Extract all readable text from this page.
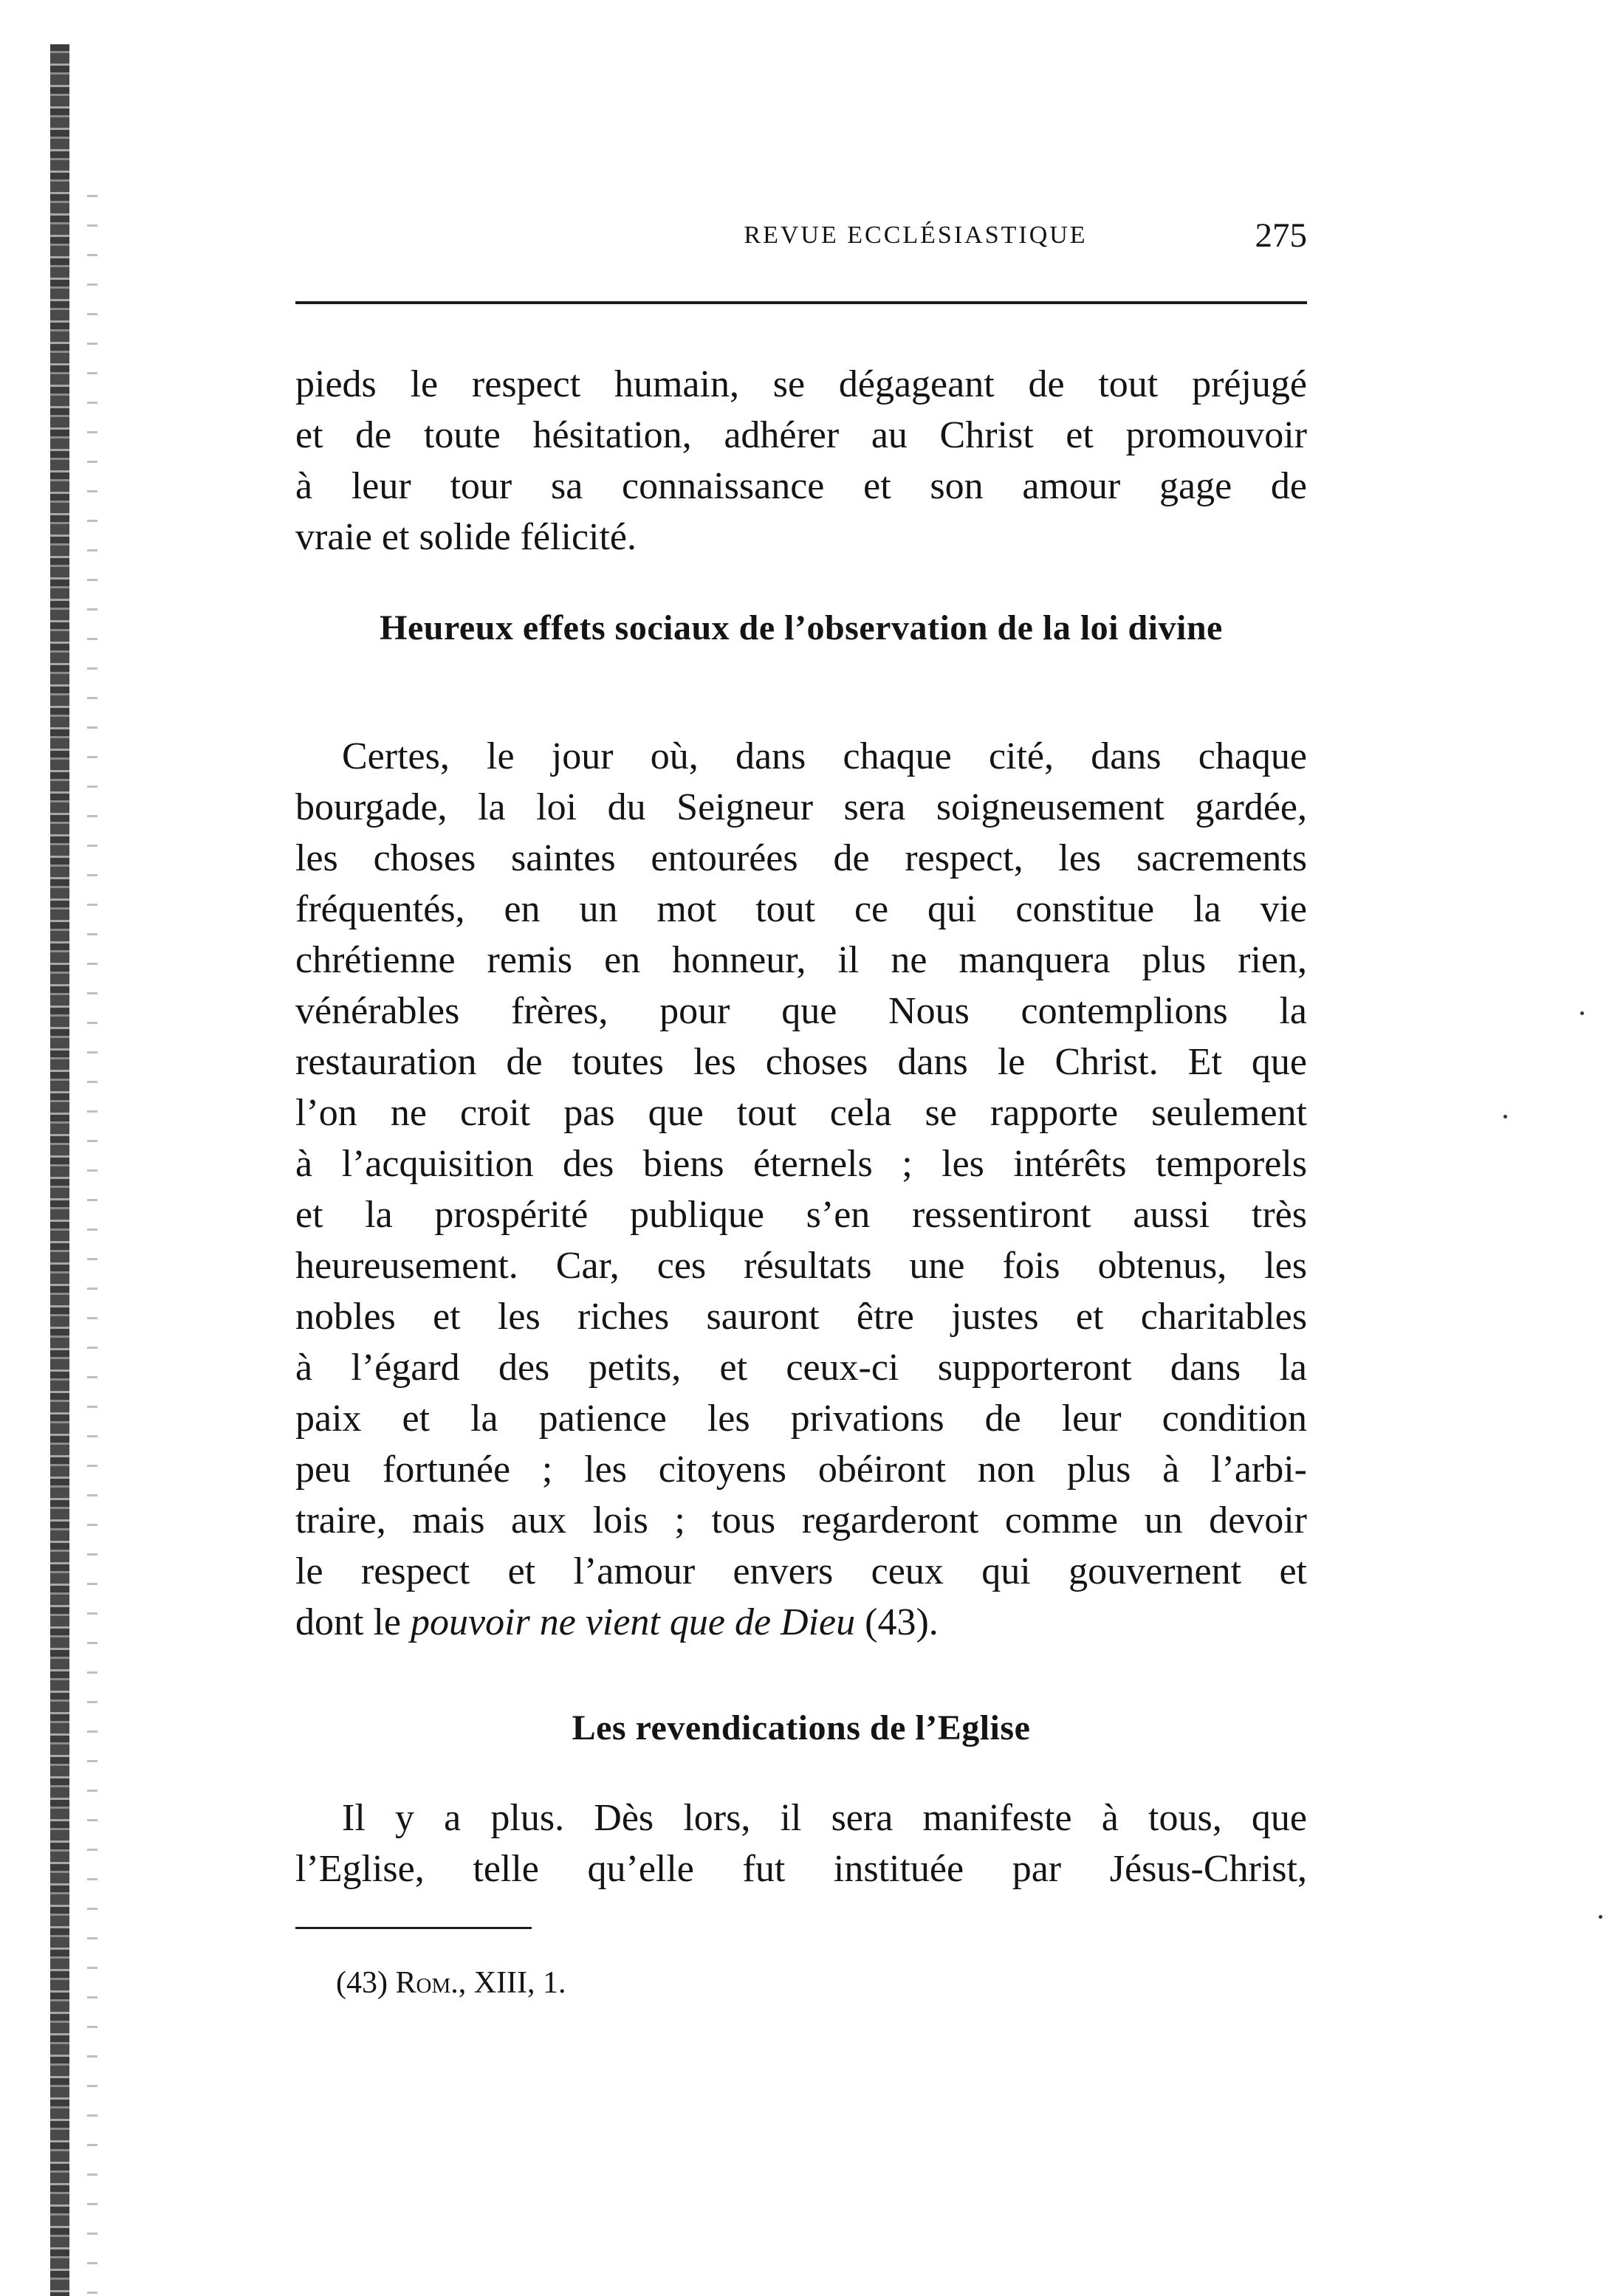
REVUE ECCLÉSIASTIQUE	275

pieds le respect humain, se dégageant de tout préjugé

et de toute hésitation, adhérer au Christ et promouvoir

à leur tour sa connaissance et son amour gage de

vraie et solide félicité.

Heureux effets sociaux de l’observation de la loi divine

Certes, le jour où, dans chaque cité, dans chaque

bourgade, la loi du Seigneur sera soigneusement gardée,

les choses saintes entourées de respect, les sacrements

fréquentés, en un mot tout ce qui constitue la vie

chrétienne remis en honneur, il ne manquera plus rien,

vénérables frères, pour que Nous contemplions la

restauration de toutes les choses dans le Christ. Et que

l’on ne croit pas que tout cela se rapporte seulement

à l’acquisition des biens éternels ; les intérêts temporels

et la prospérité publique s’en ressentiront aussi très

heureusement. Car, ces résultats une fois obtenus, les

nobles et les riches sauront être justes et charitables

à l’égard des petits, et ceux-ci supporteront dans la

paix et la patience les privations de leur condition

peu fortunée ; les citoyens obéiront non plus à l’arbi-

traire, mais aux lois ; tous regarderont comme un devoir

le respect et l’amour envers ceux qui gouvernent et

dont le pouvoir ne vient que de Dieu (43).

Les revendications de l’Eglise

Il y a plus. Dès lors, il sera manifeste à tous, que

l’Eglise, telle qu’elle fut instituée par Jésus-Christ,

(43) Rom., XIII, 1.
